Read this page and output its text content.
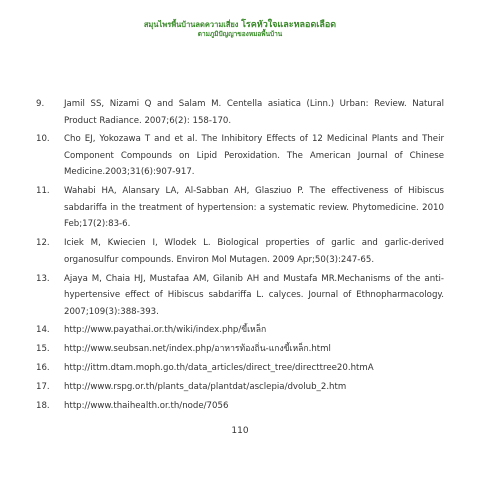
สมุนไพรพื้นบ้านลดความเสี่ยง โรคหัวใจและหลอดเลือด
ตามภูมิปัญญาของหมอพื้นบ้าน
9.	Jamil SS, Nizami Q and Salam M. Centella asiatica (Linn.) Urban: Review. Natural Product Radiance. 2007;6(2): 158-170.
10.	Cho EJ, Yokozawa T and et al. The Inhibitory Effects of 12 Medicinal Plants and Their Component Compounds on Lipid Peroxidation. The American Journal of Chinese Medicine.2003;31(6):907-917.
11.	Wahabi HA, Alansary LA, Al-Sabban AH, Glasziuo P. The effectiveness of Hibiscus sabdariffa in the treatment of hypertension: a systematic review. Phytomedicine. 2010 Feb;17(2):83-6.
12.	Iciek M, Kwiecien I, Wlodek L. Biological properties of garlic and garlic-derived organosulfur compounds. Environ Mol Mutagen. 2009 Apr;50(3):247-65.
13.	Ajaya M, Chaia HJ, Mustafaa AM, Gilanib AH and Mustafa MR.Mechanisms of the anti-hypertensive effect of Hibiscus sabdariffa L. calyces. Journal of Ethnopharmacology. 2007;109(3):388-393.
14.	http://www.payathai.or.th/wiki/index.php/ขี้เหล็ก
15.	http://www.seubsan.net/index.php/อาหารท้องถิ่น-แกงขี้เหล็ก.html
16.	http://ittm.dtam.moph.go.th/data_articles/direct_tree/directtree20.htmA
17.	http://www.rspg.or.th/plants_data/plantdat/asclepia/dvolub_2.htm
18.	http://www.thaihealth.or.th/node/7056
110
